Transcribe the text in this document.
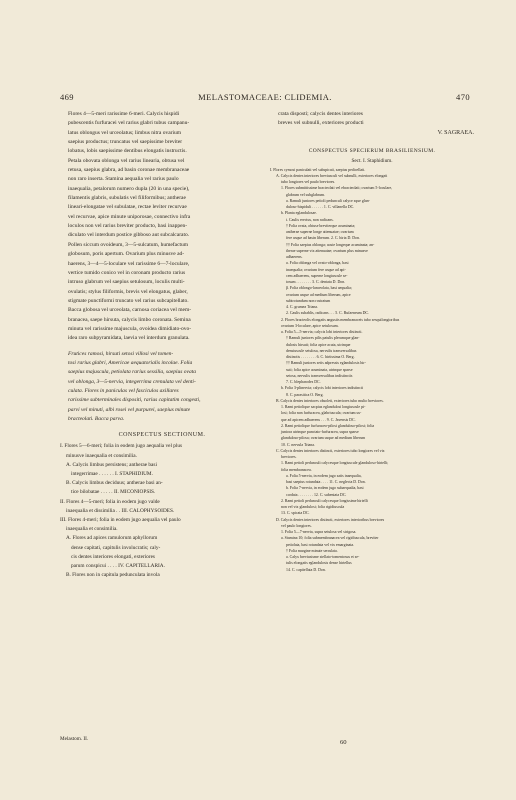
469	MELASTOMACEAE: CLIDEMIA.	470

Flores 4—5-meri rarissime 6-meri. Calycis hispidi

pubescentis furfuracei vel rarius glabri tubus campanu-

latus oblongus vel urceolatus; limbus nitra ovarium

saepius productus; truncatus vel saepissime breviter

lobatus, lobis saepissime dentibus elongatis instructis.

Petala obovata oblonga vel rarius linearia, obtusa vel

retusa, saepius glabra, ad basin coronae membranaceae

non raro inserta. Stamina aequalia vel rarius paulo

inaequalia, petalorum numero dupla (20 in una specie),

filamentis glabris, subulatis vel filiformibus; antherae

lineari-elongatae vel subulatae, rectae leviter recurvae

vel recurvae, apice minute uniporosae, connectivo infra

loculos non vel rarius breviter producto, basi inappen-

diculato vel interdum postice gibboso aut subcalcarato.

Pollen siccum ovoideum, 3—5-sulcatum, humefactum

globosum, poris apertum. Ovarium plus minusve ad-

haerens, 3—4—5-loculare vel rarissime 6—7-loculare,

vertice tumido conico vel in coronam producto rarius

intruso glabrum vel saepius setulosum, loculis multi-

ovulatis; stylus filiformis, brevis vel elongatus, glaber,

stigmate punctiformi truncato vel rarius subcapitellato.

Bacca globosa vel urceolata, carnosa coriacea vel mem-

branacea, saepe hirsuta, calycis limbo coronata. Semina

minuta vel rarissime majuscula, ovoidea dimidiato-ovo-

idea raro subpyramidata, laevia vel interdum granulata.

Frutices ramosi, hirsuti setosi villosi vel tomen-

tosi rarius glabri, Americae aequatorialis incolae. Folia

saepius majuscula, petiolata rarius sessilia, saepius ovata

vel oblonga, 3—5-nervia, integerrima crenulata vel denti-

culata. Flores in paniculas vel fasciculos axillares

rarissime subterminales dispositi, rarius capitatim congesti,

parvi vel minuti, albi rosei vel purpurei, saepius minute

bracteolati. Bacca parva.

CONSPECTUS SECTIONUM.

I. Flores 5—6-meri; folia in eodem jugo aequalia vel plus

minusve inaequalia et consimilia.

A. Calycis limbus persistens; antherae basi

integerrimae . . . . . . I. STAPHIDIUM.

B. Calycis limbus deciduus; antherae basi an-

tice bilobatae . . . . . II. MICONIOPSIS.

II. Flores 4—5-meri; folia in eodem jugo valde

inaequalia et dissimilia . . III. CALOPHYSOIDES.

III. Flores 4-meri; folia in eodem jugo aequalia vel paulo

inaequalia et consimilia.

A. Flores ad apices ramulorum aphyllorum

dense capitati, capitulis involucratis; caly-

cis dentes interiores elongati, exteriores

parum conspicui . . . . IV. CAPITELLARIA.

B. Flores non in capitula pedunculata invola

crata disposti; calycis dentes interiores

breves vel subnulli, exteriores producti

V. SAGRAEA.

CONSPECTUS SPECIERUM BRASILIENSIUM.
Sect. I. Staphidium.

I. Flores cymosi paniculati vel subspicati, saepius pedicellati.

A. Calycis dentes interiores breviusculi vel subnulli, exteriores elongati

tubo longiores vel paulo breviores.

1. Flores submittissime bracteolati vel ebracteolati; ovarium 5-loculare,

glabrum vel subglabrum.

a. Ramuli juniores petioli pedunculi calyce sque glan-

duloso-hispiduli . . . . . . 1. C. villanella DC.

b. Planta eglandulosae.

i. Caulis erectus, non radicans.

† Folia ovata, obtuse breviterque acuminata;

antherae superne longe attenuatae; ovarium

fere usque ad basin liberum. 2. C. hirta D. Don.

†† Folia saepius oblonga; acute longeque acuminata; an-

therae superne vix attenuatae; ovarium plus minusve

adhaerens.

a. Folia oblonga vel ovato-oblonga, basi

inaequalia; ovarium fere usque ad api-

cem adhaerens, superne longiuscule se-

tosum . . . . . . . . 3. C. dentata D. Don.

β. Folia oblongo-lanceolata, basi aequalia;

ovarium usque ad medium liberum, apice

subtrotundum non rostratum

4. C. grumea Triana.

2. Caulis subablis, radicans . . . 5. C. Rufaeneum DC.

2. Flores bracteolis elongatis angustis membranaceis tubo sesquilongioribus

ovarium 3-loculare, apice setulosum.

a. Folia 5—5-nervia; calycis lobi interiores distincti.

† Ramuli juniores pilis patulis plerumque glan-

dulosis hirsuti; folia apice acuta, utrinque

densiuscule setulosa, nervulis transversalibus

distinctis . . . . . . . . 6. C. hirtissima O. Berg.

†† Ramuli juniores setis adpressis eglandulosis hir-

suti; folia apice acuminata, utrinque sparse

setosa, nervulis transversalibus indistinctis

7. C. blepharodes DC.

b. Folia 3-plinervia; calycis lobi interiores indistincti

8. C. parasitica O. Berg.

B. Calycis dentes interiores obsoleti, exteriores tubo multo breviores.

1. Rami petiolique sacpius eglandulosi longiuscule pi-

losi; folia non furfuracea, glabriuscula; ovarium us-

que ad apicem adhaerens . . . 9. C. Javensis DC.

2. Rami petiolique furfuraceo-pilosi glanduloso-pilosi; folia

juniora utrinque punctato-furfuracea, supra sparse

glanduloso-pilosa; ovarium usque ad medium liberum

10. C. nervula Triana.

C. Calycis dentes interiores distincti, exteriores tubo longiores vel vix

breviores.

1. Rami petioli pedunculi calycesque longiuscule glanduloso-hirtelli;

folia membranacea.

a. Folia 5-nervia, in eodem jugo satis inaequalia,

basi saepius rotundata . . . . 11. C. neglecta D. Don.

b. Folia 7-nervia, in eodem jugo subaequalia, basi

cordata . . . . . . . . 12. C. subeniata DC.

2. Rami petioli pedunculi calycesque longissime hirtelli

non vel vix glandulosi; folia rigidiuscula

13. C. spicata DC.

D. Calycis dentes interiores distincti, exteriores interioribus breviores

vel paulo longiores.

1. Folia 5—7-nervia, supra setulosa vel strigosa.

a. Stamina 10; folia submembranacea vel rigidiuscula, breviter

petiolata, basi rotundata vel vix emarginata.

† Folia margine minute serrulata.

a. Calyx breviusisme stellato-tomentosus et se-

tulis elongatis eglandulosis dense hirtellus

14. C. capitellata D. Don.

Melastom. II.	60
